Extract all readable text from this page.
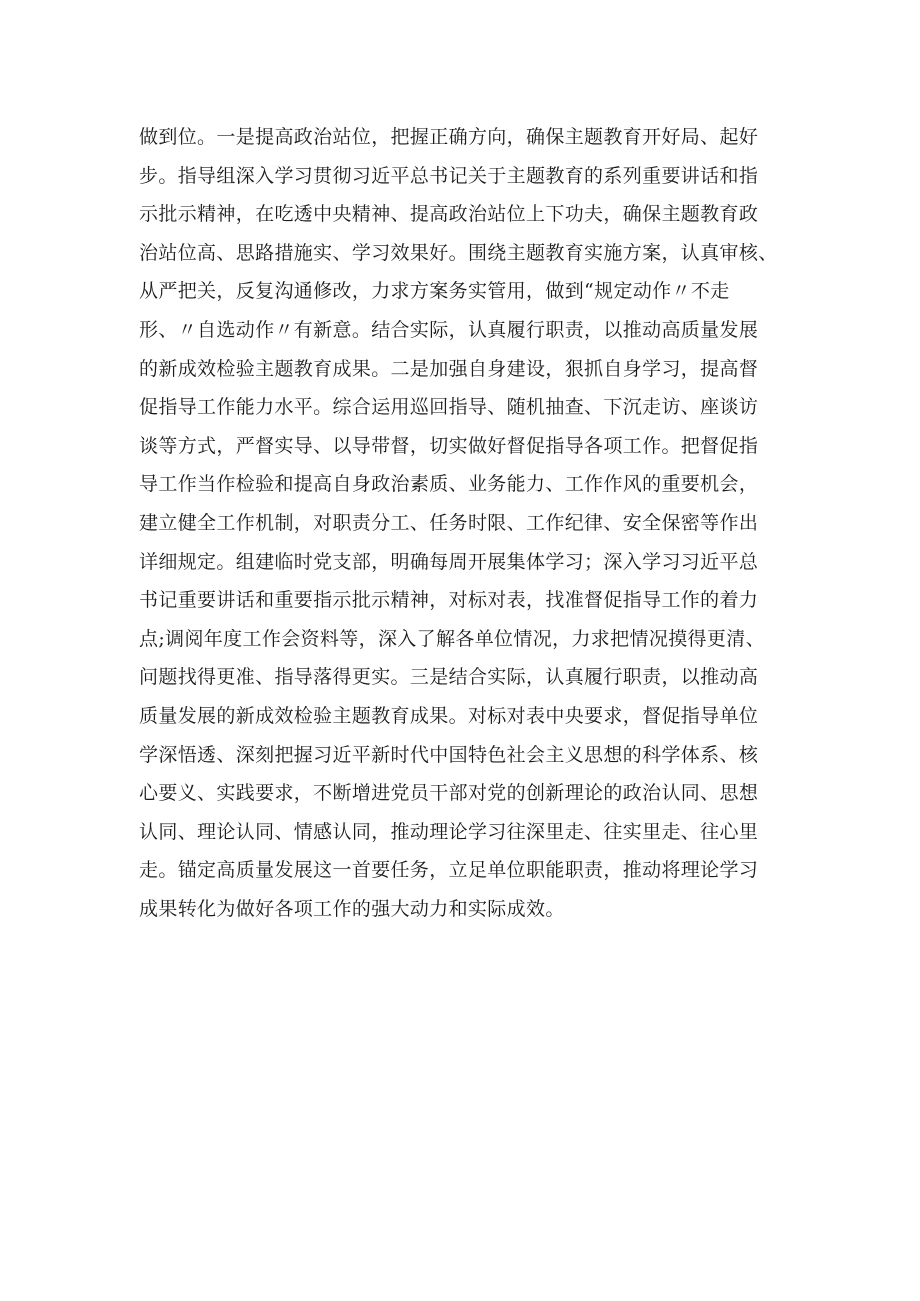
做到位。一是提高政治站位，把握正确方向，确保主题教育开好局、起好
步。指导组深入学习贯彻习近平总书记关于主题教育的系列重要讲话和指
示批示精神，在吃透中央精神、提高政治站位上下功夫，确保主题教育政
治站位高、思路措施实、学习效果好。围绕主题教育实施方案，认真审核、
从严把关，反复沟通修改，力求方案务实管用，做到“规定动作〃不走
形、〃自选动作〃有新意。结合实际，认真履行职责，以推动高质量发展
的新成效检验主题教育成果。二是加强自身建设，狠抓自身学习，提高督
促指导工作能力水平。综合运用巡回指导、随机抽查、下沉走访、座谈访
谈等方式，严督实导、以导带督，切实做好督促指导各项工作。把督促指
导工作当作检验和提高自身政治素质、业务能力、工作作风的重要机会，
建立健全工作机制，对职责分工、任务时限、工作纪律、安全保密等作出
详细规定。组建临时党支部，明确每周开展集体学习；深入学习习近平总
书记重要讲话和重要指示批示精神，对标对表，找准督促指导工作的着力
点;调阅年度工作会资料等，深入了解各单位情况，力求把情况摸得更清、
问题找得更准、指导落得更实。三是结合实际，认真履行职责，以推动高
质量发展的新成效检验主题教育成果。对标对表中央要求，督促指导单位
学深悟透、深刻把握习近平新时代中国特色社会主义思想的科学体系、核
心要义、实践要求，不断增进党员干部对党的创新理论的政治认同、思想
认同、理论认同、情感认同，推动理论学习往深里走、往实里走、往心里
走。锚定高质量发展这一首要任务，立足单位职能职责，推动将理论学习
成果转化为做好各项工作的强大动力和实际成效。
